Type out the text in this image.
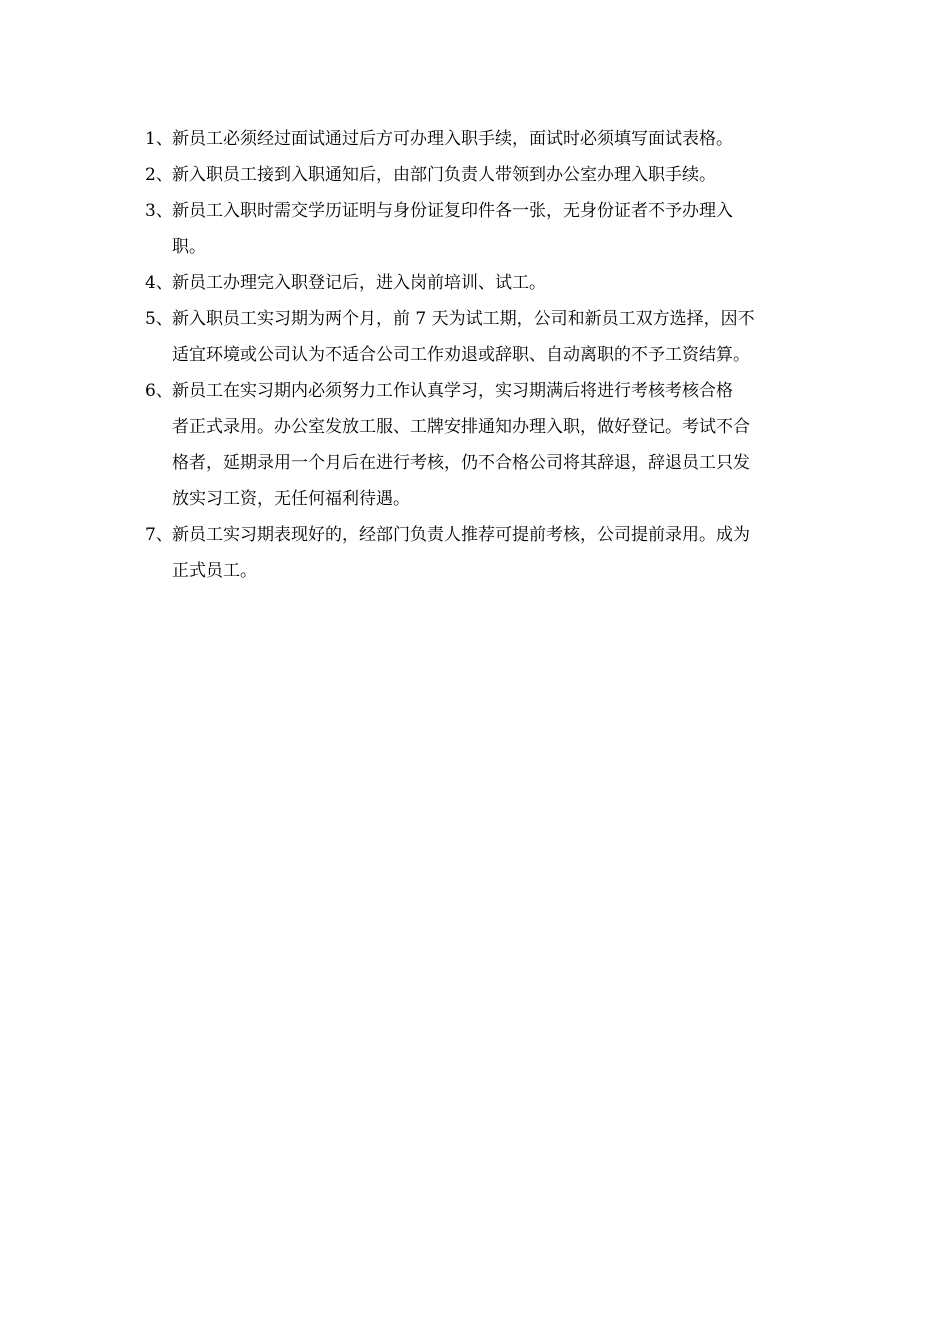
1、 新员工必须经过面试通过后方可办理入职手续，面试时必须填写面试表格。
2、 新入职员工接到入职通知后，由部门负责人带领到办公室办理入职手续。
3、 新员工入职时需交学历证明与身份证复印件各一张，无身份证者不予办理入
职。
4、 新员工办理完入职登记后，进入岗前培训、试工。
5、 新入职员工实习期为两个月，前 7 天为试工期，公司和新员工双方选择，因不
适宜环境或公司认为不适合公司工作劝退或辞职、自动离职的不予工资结算。
6、 新员工在实习期内必须努力工作认真学习，实习期满后将进行考核考核合格
者正式录用。办公室发放工服、工牌安排通知办理入职，做好登记。考试不合
格者，延期录用一个月后在进行考核，仍不合格公司将其辞退，辞退员工只发
放实习工资，无任何福利待遇。
7、 新员工实习期表现好的，经部门负责人推荐可提前考核，公司提前录用。成为
正式员工。
